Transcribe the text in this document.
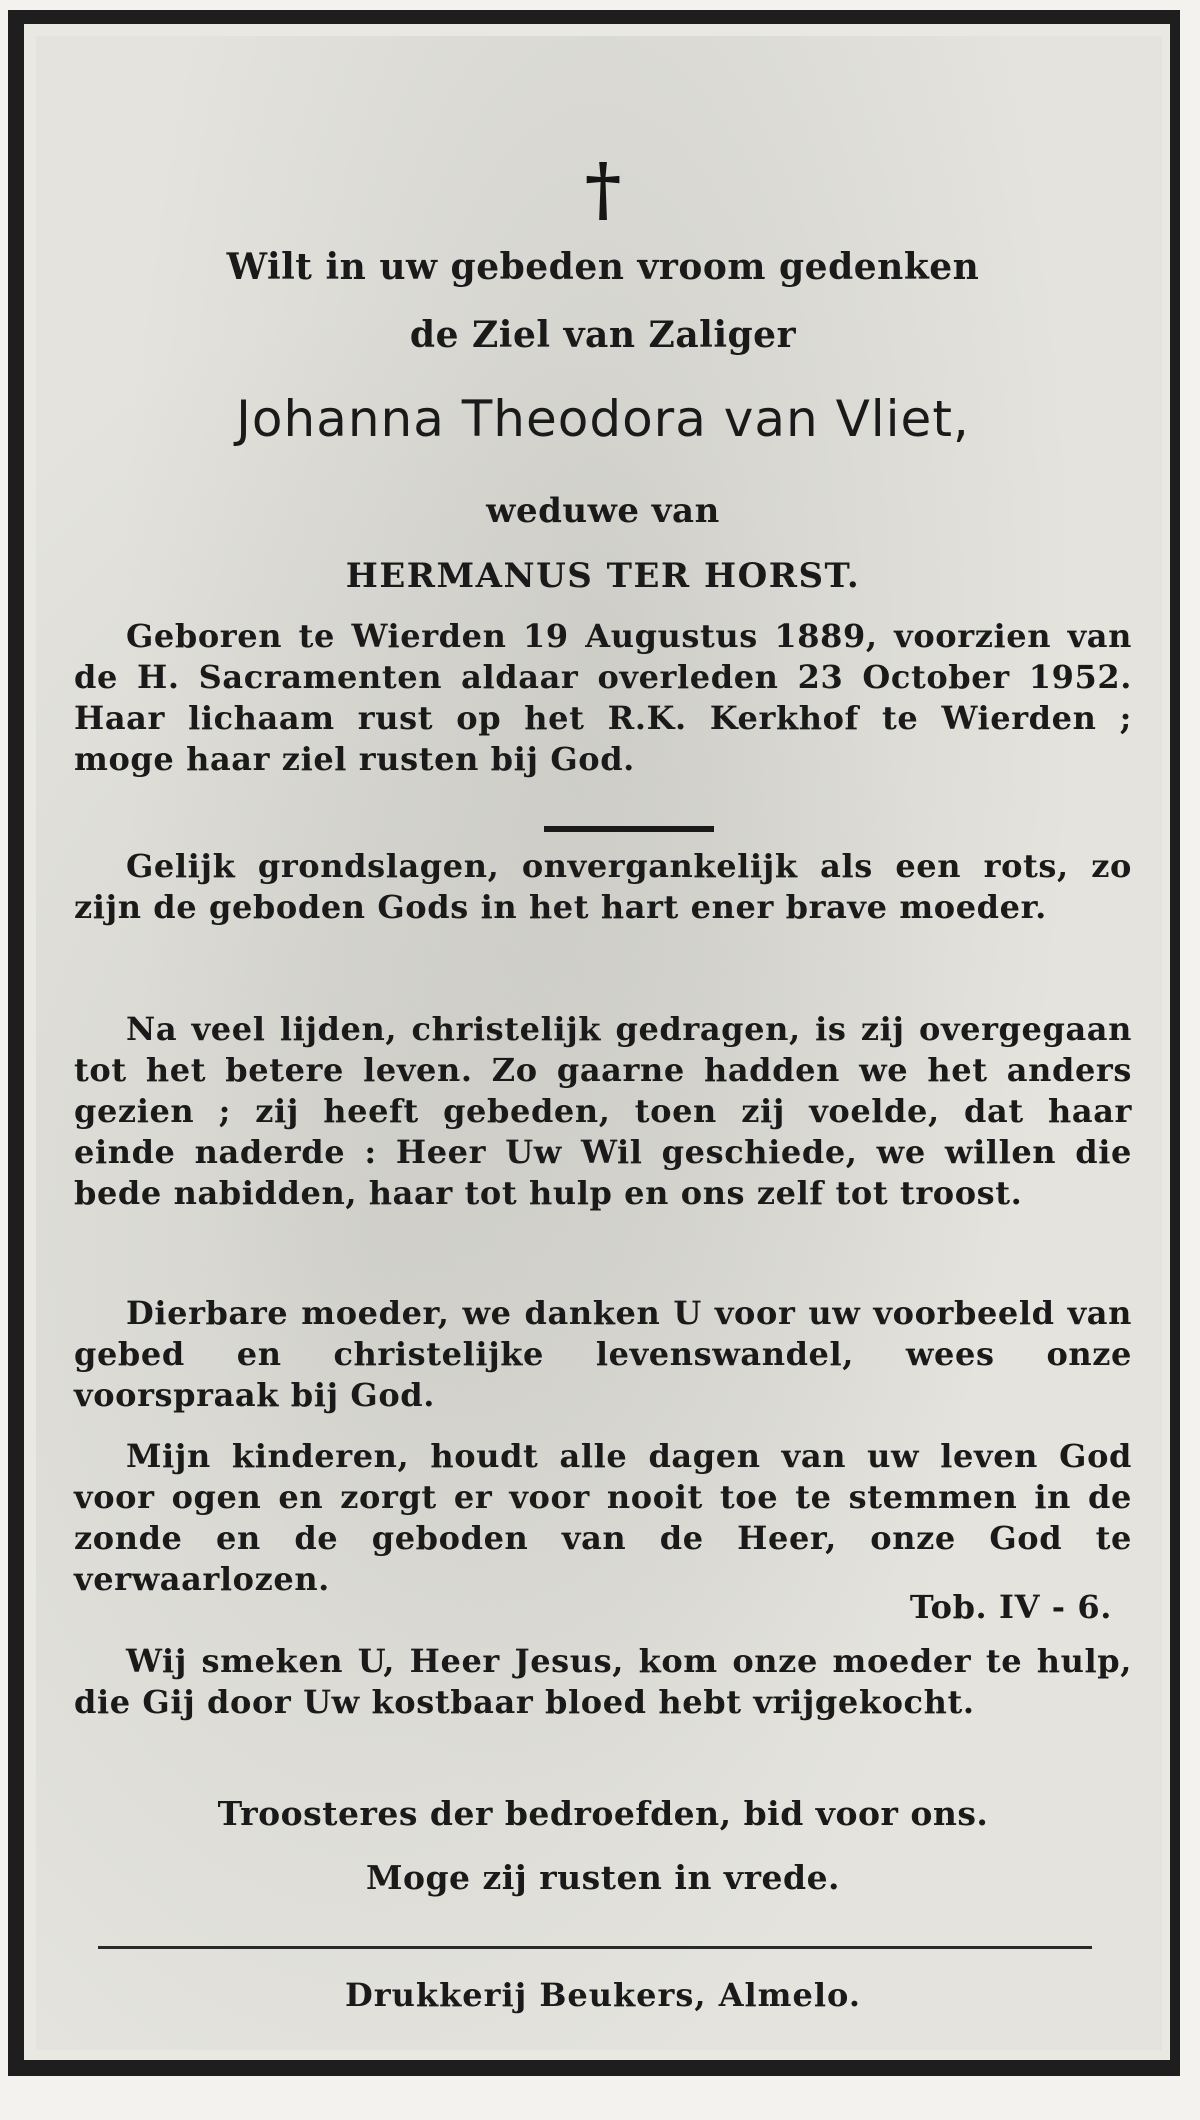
†
Wilt in uw gebeden vroom gedenken
de Ziel van Zaliger
Johanna Theodora van Vliet,
weduwe van
HERMANUS TER HORST.

Geboren te Wierden 19 Augustus 1889, voorzien van de H. Sacramenten aldaar overleden 23 October 1952. Haar lichaam rust op het R.K. Kerkhof te Wierden ; moge haar ziel rusten bij God.

Gelijk grondslagen, onvergankelijk als een rots, zo zijn de geboden Gods in het hart ener brave moeder.

Na veel lijden, christelijk gedragen, is zij overgegaan tot het betere leven. Zo gaarne hadden we het anders gezien ; zij heeft gebeden, toen zij voelde, dat haar einde naderde : Heer Uw Wil geschiede, we willen die bede nabidden, haar tot hulp en ons zelf tot troost.

Dierbare moeder, we danken U voor uw voorbeeld van gebed en christelijke levenswandel, wees onze voorspraak bij God.

Mijn kinderen, houdt alle dagen van uw leven God voor ogen en zorgt er voor nooit toe te stemmen in de zonde en de geboden van de Heer, onze God te verwaarlozen.

Tob. IV - 6.

Wij smeken U, Heer Jesus, kom onze moeder te hulp, die Gij door Uw kostbaar bloed hebt vrijgekocht.

Troosteres der bedroefden, bid voor ons.
Moge zij rusten in vrede.
Drukkerij Beukers, Almelo.
